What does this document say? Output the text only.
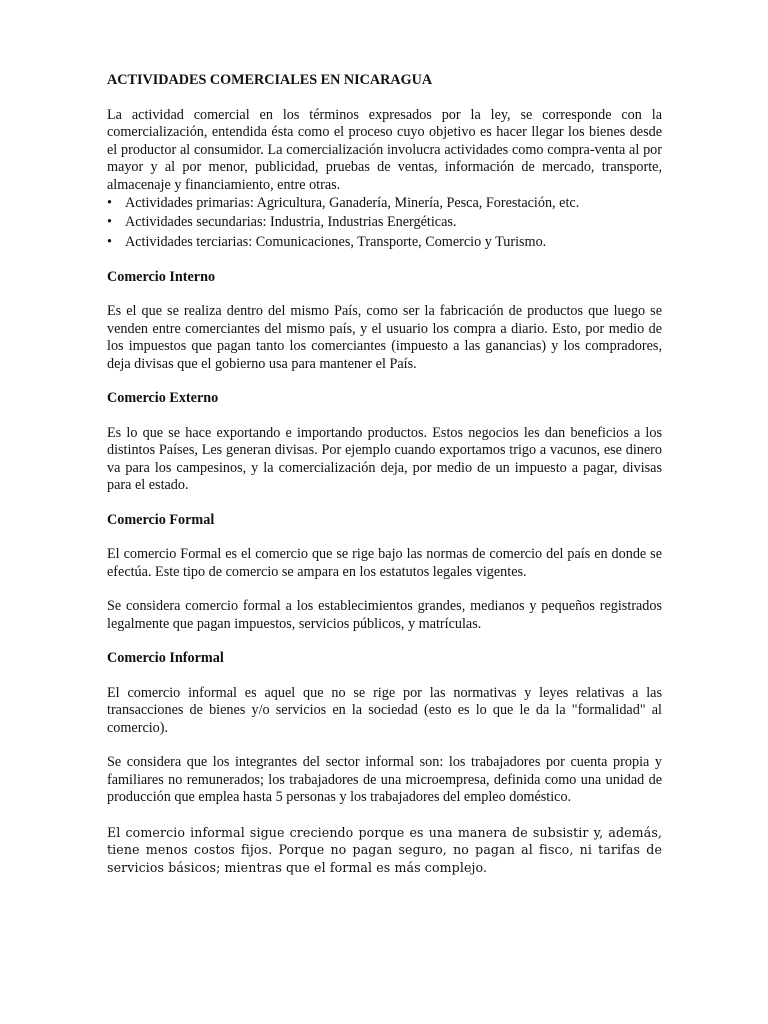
ACTIVIDADES COMERCIALES EN NICARAGUA

La actividad comercial en los términos expresados por la ley, se corresponde con la comercialización, entendida ésta como el proceso cuyo objetivo es hacer llegar los bienes desde el productor al consumidor. La comercialización involucra actividades como compra-venta al por mayor y al por menor, publicidad, pruebas de ventas, información de mercado, transporte, almacenaje y financiamiento, entre otras.

• Actividades primarias: Agricultura, Ganadería, Minería, Pesca, Forestación, etc.
• Actividades secundarias: Industria, Industrias Energéticas.
• Actividades terciarias: Comunicaciones, Transporte, Comercio y Turismo.
Comercio Interno

Es el que se realiza dentro del mismo País, como ser la fabricación de productos que luego se venden entre comerciantes del mismo país, y el usuario los compra a diario. Esto, por medio de los impuestos que pagan tanto los comerciantes (impuesto a las ganancias) y los compradores, deja divisas que el gobierno usa para mantener el País.

Comercio Externo

Es lo que se hace exportando e importando productos. Estos negocios les dan beneficios a los distintos Países, Les generan divisas. Por ejemplo cuando exportamos trigo a vacunos, ese dinero va para los campesinos, y la comercialización deja, por medio de un impuesto a pagar, divisas para el estado.

Comercio Formal

El comercio Formal es el comercio que se rige bajo las normas de comercio del país en donde se efectúa. Este tipo de comercio se ampara en los estatutos legales vigentes.

Se considera comercio formal a los establecimientos grandes, medianos y pequeños registrados legalmente que pagan impuestos, servicios públicos, y matrículas.

Comercio Informal

El comercio informal es aquel que no se rige por las normativas y leyes relativas a las transacciones de bienes y/o servicios en la sociedad (esto es lo que le da la "formalidad" al comercio).

Se considera que los integrantes del sector informal son: los trabajadores por cuenta propia y familiares no remunerados; los trabajadores de una microempresa, definida como una unidad de producción que emplea hasta 5 personas y los trabajadores del empleo doméstico.

El comercio informal sigue creciendo porque es una manera de subsistir y, además, tiene menos costos fijos. Porque no pagan seguro, no pagan al fisco, ni tarifas de servicios básicos; mientras que el formal es más complejo.
